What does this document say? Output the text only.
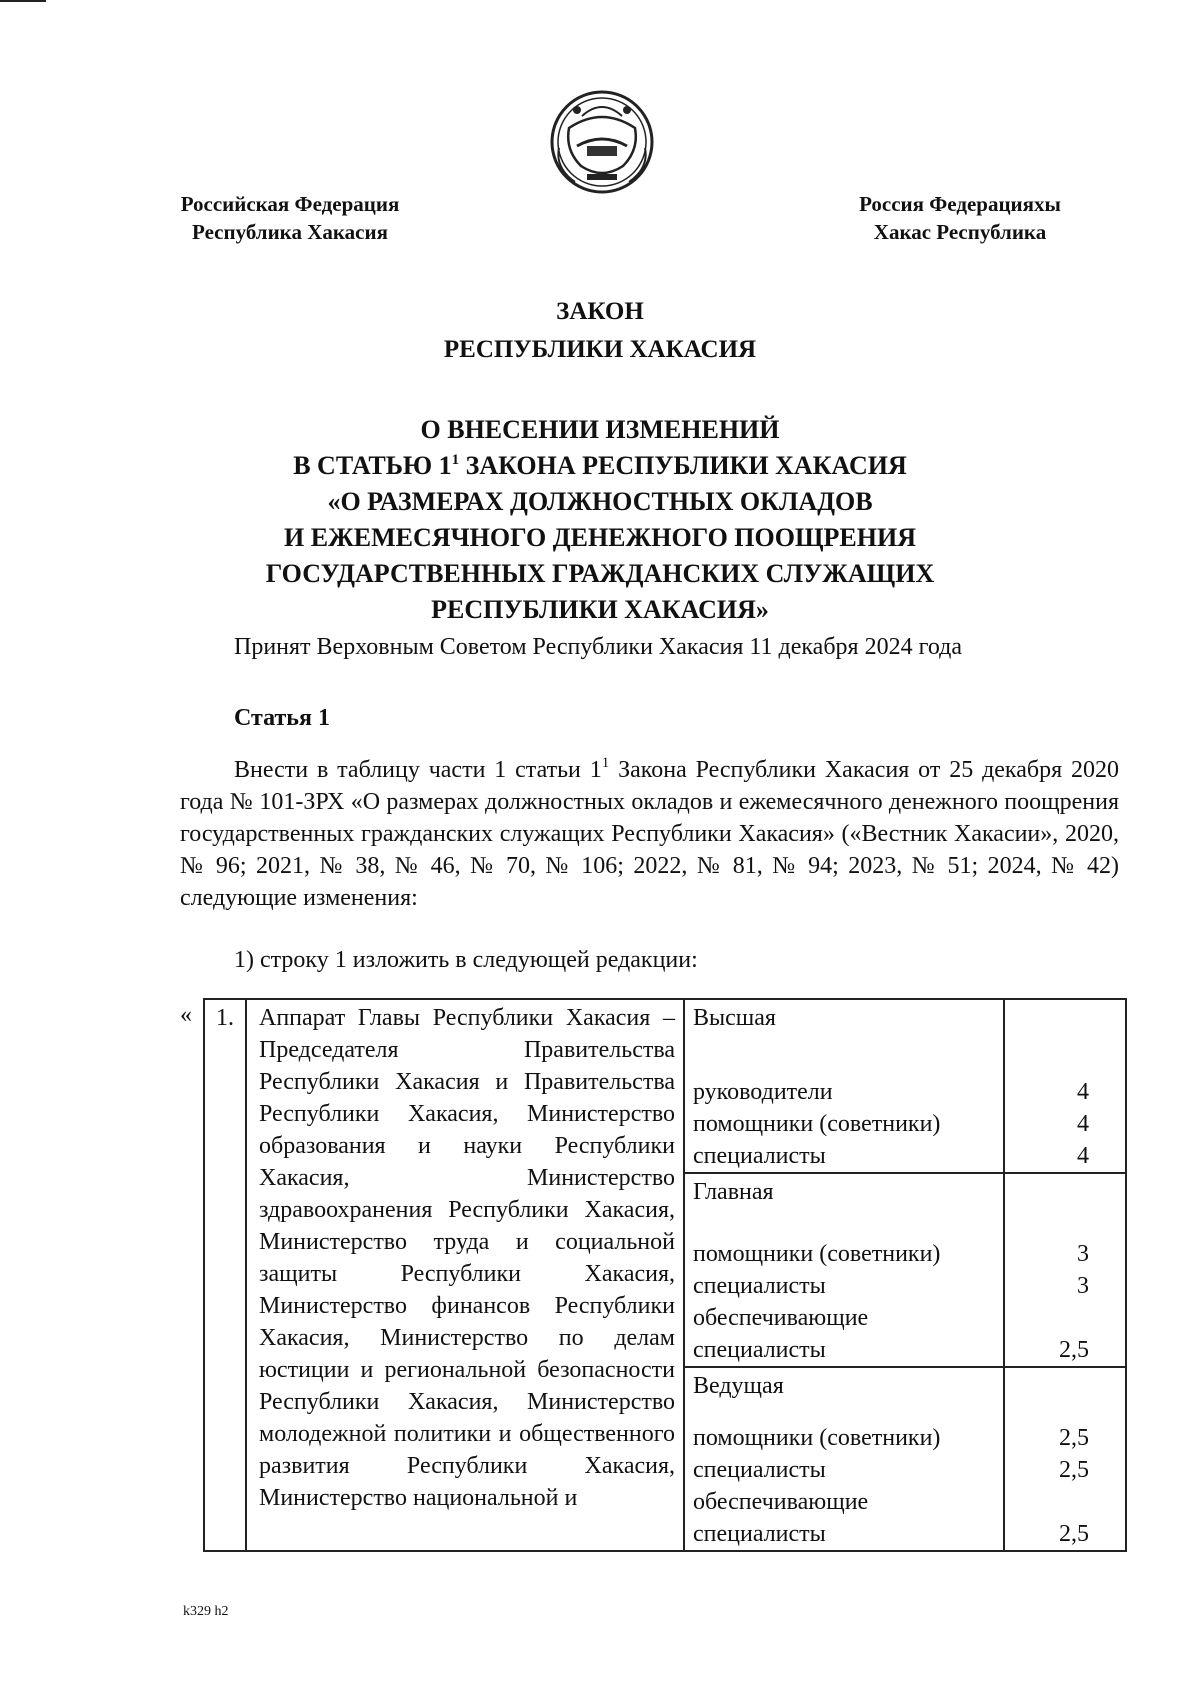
Российская Федерация
Республика Хакасия
Россия Федерацияхы
Хакас Республика
ЗАКОН
РЕСПУБЛИКИ ХАКАСИЯ
О ВНЕСЕНИИ ИЗМЕНЕНИЙ
В СТАТЬЮ $1^1$ ЗАКОНА РЕСПУБЛИКИ ХАКАСИЯ
«О РАЗМЕРАХ ДОЛЖНОСТНЫХ ОКЛАДОВ
И ЕЖЕМЕСЯЧНОГО ДЕНЕЖНОГО ПООЩРЕНИЯ
ГОСУДАРСТВЕННЫХ ГРАЖДАНСКИХ СЛУЖАЩИХ
РЕСПУБЛИКИ ХАКАСИЯ»
Принят Верховным Советом Республики Хакасия 11 декабря 2024 года
Статья 1
Внести в таблицу части 1 статьи $1^1$ Закона Республики Хакасия от 25 декабря 2020 года № 101-ЗРХ «О размерах должностных окладов и ежемесячного денежного поощрения государственных гражданских служащих Республики Хакасия» («Вестник Хакасии», 2020, № 96; 2021, № 38, № 46, № 70, № 106; 2022, № 81, № 94; 2023, № 51; 2024, № 42) следующие изменения:
1) строку 1 изложить в следующей редакции:
«	1.	Аппарат Главы Республики Хакасия – Председателя Правительства Республики Хакасия и Правительства Республики Хакасия, Министерство образования и науки Республики Хакасия, Министерство здравоохранения Республики Хакасия, Министерство труда и социальной защиты Республики Хакасия, Министерство финансов Республики Хакасия, Министерство по делам юстиции и региональной безопасности Республики Хакасия, Министерство молодежной политики и общественного развития Республики Хакасия, Министерство национальной и
Высшая
руководители	4
помощники (советники)	4
специалисты	4
Главная
помощники (советники)	3
специалисты	3
обеспечивающие
специалисты	2,5
Ведущая
помощники (советники)	2,5
специалисты	2,5
обеспечивающие
специалисты	2,5
k329 h2
